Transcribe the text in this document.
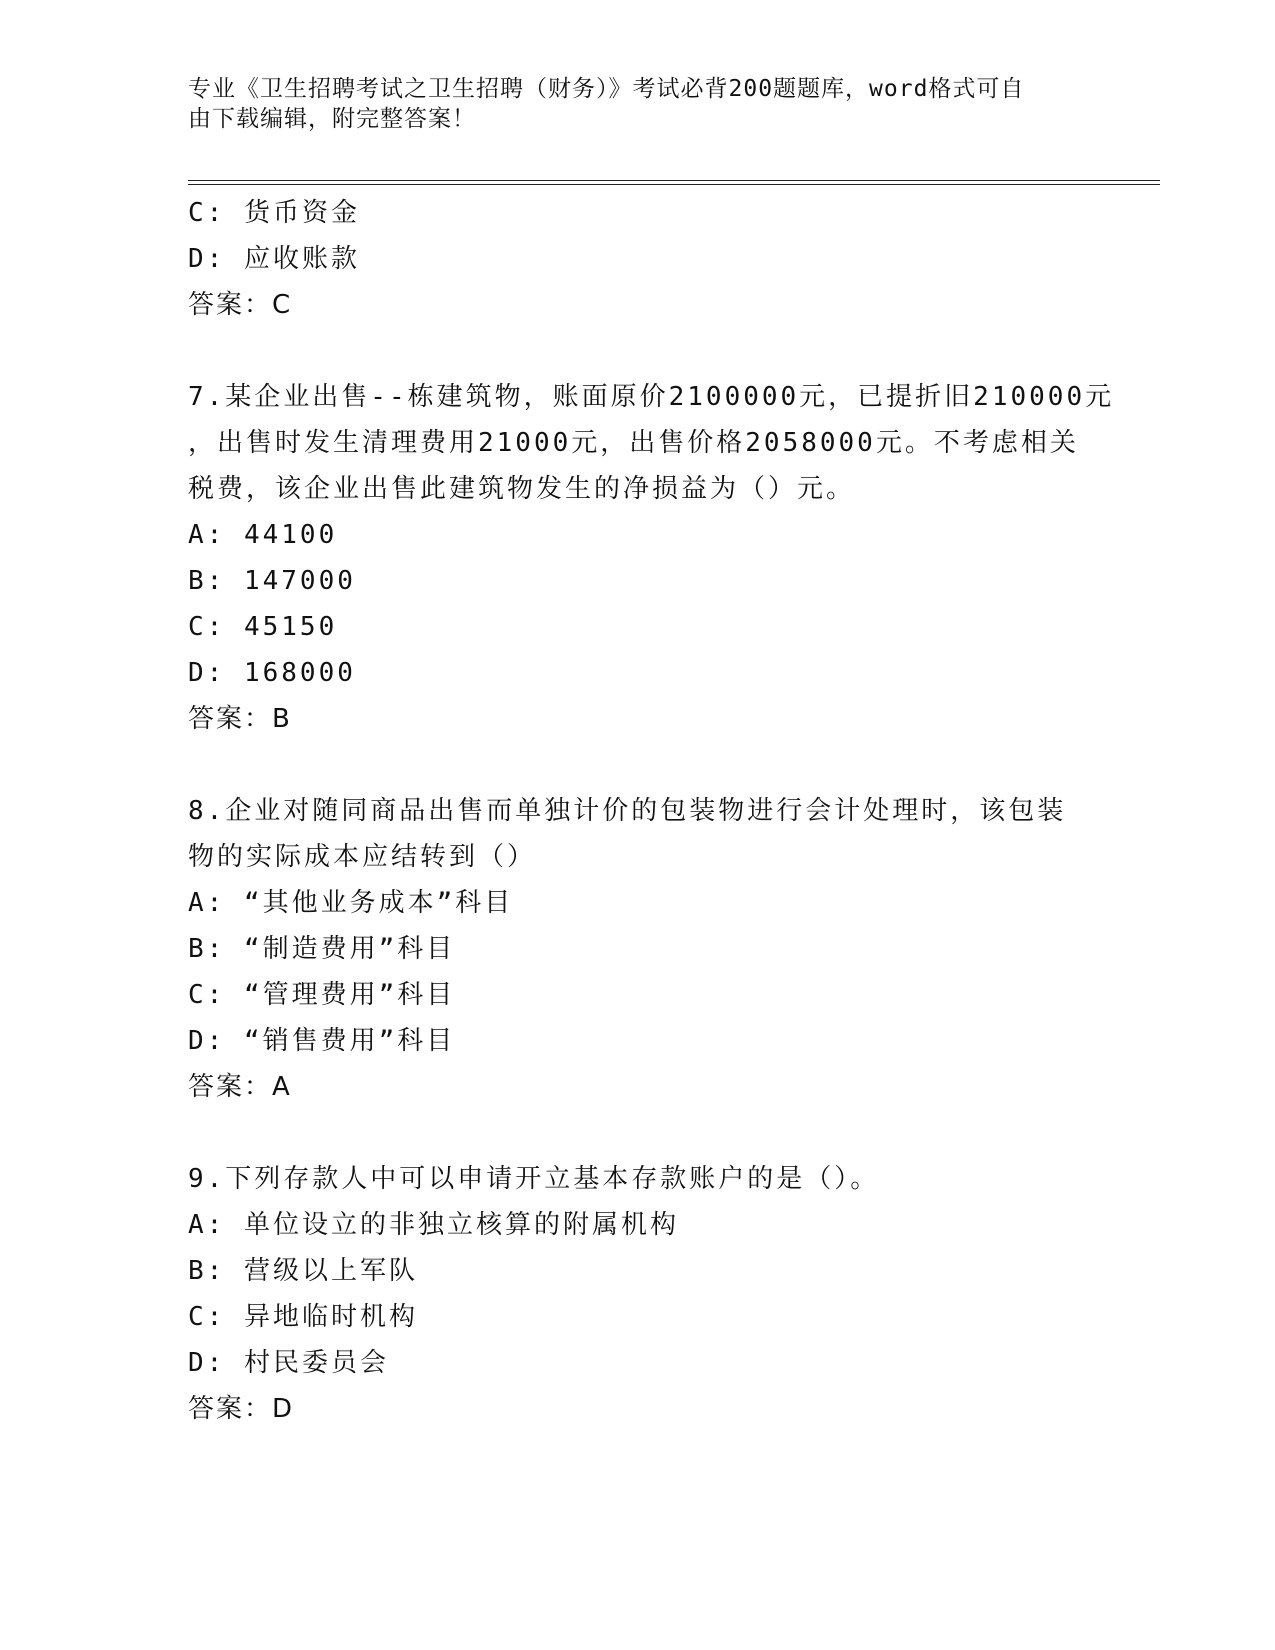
专业《卫生招聘考试之卫生招聘（财务）》考试必背200题题库，word格式可自
由下载编辑，附完整答案！
C: 货币资金
D: 应收账款
答案：C
7.某企业出售--栋建筑物，账面原价2100000元，已提折旧210000元
，出售时发生清理费用21000元，出售价格2058000元。不考虑相关
税费，该企业出售此建筑物发生的净损益为（）元。
A: 44100
B: 147000
C: 45150
D: 168000
答案：B
8.企业对随同商品出售而单独计价的包装物进行会计处理时，该包装
物的实际成本应结转到（）
A: “其他业务成本”科目
B: “制造费用”科目
C: “管理费用”科目
D: “销售费用”科目
答案：A
9.下列存款人中可以申请开立基本存款账户的是（）。
A: 单位设立的非独立核算的附属机构
B: 营级以上军队
C: 异地临时机构
D: 村民委员会
答案：D
